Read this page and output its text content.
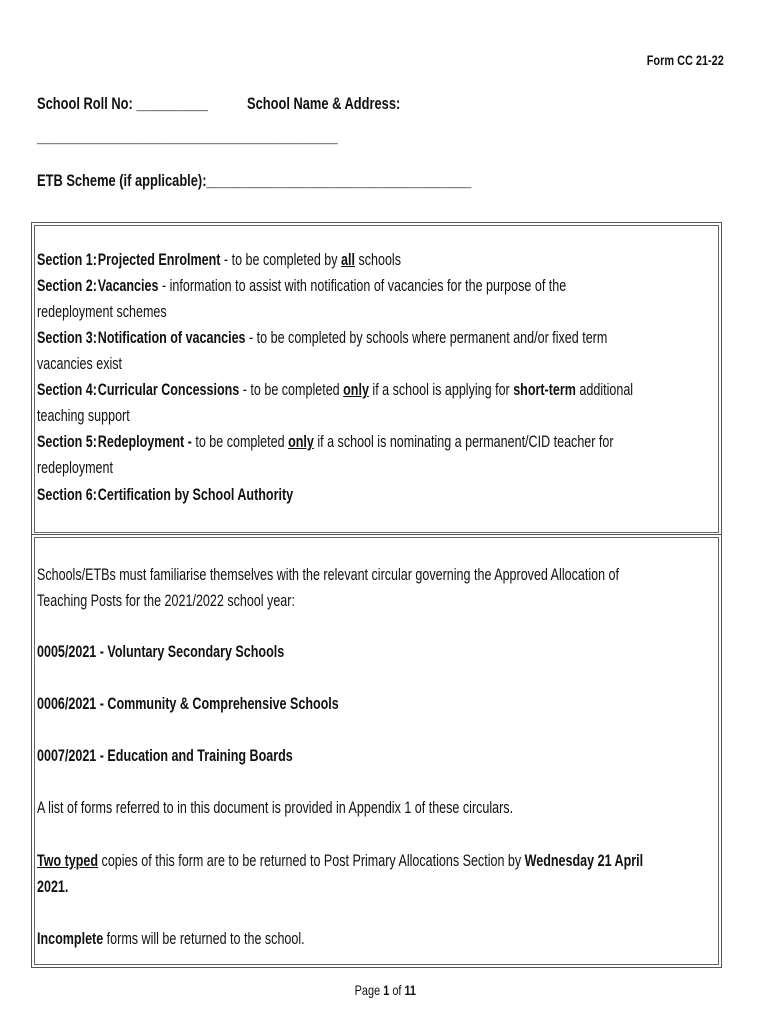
Form CC 21-22
School Roll No: __________	School Name & Address:
__________________________________________
ETB Scheme (if applicable):_____________________________________
Section 1:Projected Enrolment - to be completed by all schools
Section 2:Vacancies - information to assist with notification of vacancies for the purpose of the
redeployment schemes
Section 3:Notification of vacancies - to be completed by schools where permanent and/or fixed term
vacancies exist
Section 4:Curricular Concessions - to be completed only if a school is applying for short-term additional
teaching support
Section 5:Redeployment - to be completed only if a school is nominating a permanent/CID teacher for
redeployment
Section 6:Certification by School Authority
Schools/ETBs must familiarise themselves with the relevant circular governing the Approved Allocation of
Teaching Posts for the 2021/2022 school year:
0005/2021 - Voluntary Secondary Schools
0006/2021 - Community & Comprehensive Schools
0007/2021 - Education and Training Boards
A list of forms referred to in this document is provided in Appendix 1 of these circulars.
Two typed copies of this form are to be returned to Post Primary Allocations Section by Wednesday 21 April
2021.
Incomplete forms will be returned to the school.
Page 1 of 11
